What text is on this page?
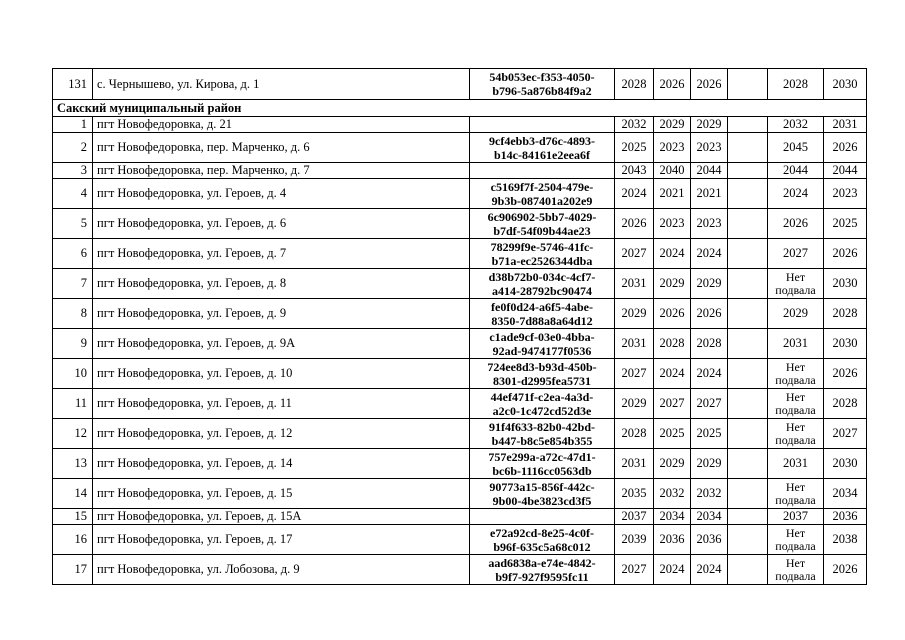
131	с. Чернышево, ул. Кирова, д. 1	54b053ec-f353-4050-
b796-5a876b84f9a2	2028	2026	2026		2028	2030
Сакский муниципальный район								
1	пгт Новофедоровка, д. 21		2032	2029	2029		2032	2031
2	пгт Новофедоровка, пер. Марченко, д. 6	9cf4ebb3-d76c-4893-
b14c-84161e2eea6f	2025	2023	2023		2045	2026
3	пгт Новофедоровка, пер. Марченко, д. 7		2043	2040	2044		2044	2044
4	пгт Новофедоровка, ул. Героев, д. 4	c5169f7f-2504-479e-
9b3b-087401a202e9	2024	2021	2021		2024	2023
5	пгт Новофедоровка, ул. Героев, д. 6	6c906902-5bb7-4029-
b7df-54f09b44ae23	2026	2023	2023		2026	2025
6	пгт Новофедоровка, ул. Героев, д. 7	78299f9e-5746-41fc-
b71a-ec2526344dba	2027	2024	2024		2027	2026
7	пгт Новофедоровка, ул. Героев, д. 8	d38b72b0-034c-4cf7-
a414-28792bc90474	2031	2029	2029		Нет
подвала	2030
8	пгт Новофедоровка, ул. Героев, д. 9	fe0f0d24-a6f5-4abe-
8350-7d88a8a64d12	2029	2026	2026		2029	2028
9	пгт Новофедоровка, ул. Героев, д. 9А	c1ade9cf-03e0-4bba-
92ad-9474177f0536	2031	2028	2028		2031	2030
10	пгт Новофедоровка, ул. Героев, д. 10	724ee8d3-b93d-450b-
8301-d2995fea5731	2027	2024	2024		Нет
подвала	2026
11	пгт Новофедоровка, ул. Героев, д. 11	44ef471f-c2ea-4a3d-
a2c0-1c472cd52d3e	2029	2027	2027		Нет
подвала	2028
12	пгт Новофедоровка, ул. Героев, д. 12	91f4f633-82b0-42bd-
b447-b8c5e854b355	2028	2025	2025		Нет
подвала	2027
13	пгт Новофедоровка, ул. Героев, д. 14	757e299a-a72c-47d1-
bc6b-1116cc0563db	2031	2029	2029		2031	2030
14	пгт Новофедоровка, ул. Героев, д. 15	90773a15-856f-442c-
9b00-4be3823cd3f5	2035	2032	2032		Нет
подвала	2034
15	пгт Новофедоровка, ул. Героев, д. 15А		2037	2034	2034		2037	2036
16	пгт Новофедоровка, ул. Героев, д. 17	e72a92cd-8e25-4c0f-
b96f-635c5a68c012	2039	2036	2036		Нет
подвала	2038
17	пгт Новофедоровка, ул. Лобозова, д. 9	aad6838a-e74e-4842-
b9f7-927f9595fc11	2027	2024	2024		Нет
подвала	2026
